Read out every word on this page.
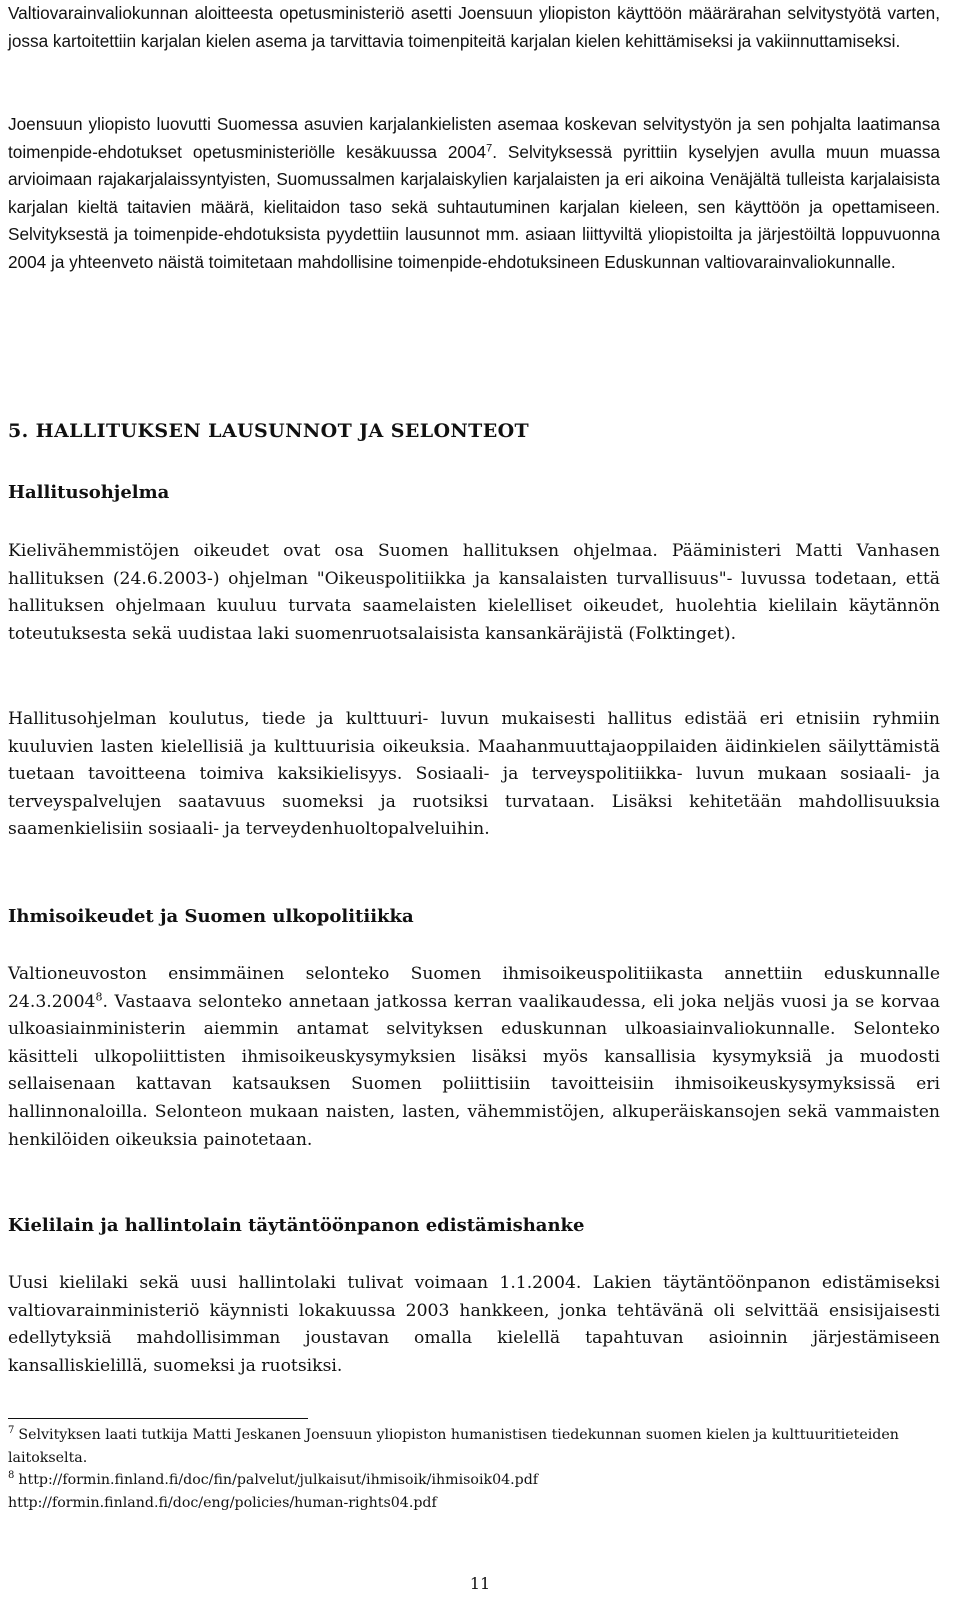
Valtiovarainvaliokunnan aloitteesta opetusministeriö asetti Joensuun yliopiston käyttöön määrärahan selvitystyötä varten, jossa kartoitettiin karjalan kielen asema ja tarvittavia toimenpiteitä karjalan kielen kehittämiseksi ja vakiinnuttamiseksi.

Joensuun yliopisto luovutti Suomessa asuvien karjalankielisten asemaa koskevan selvitystyön ja sen pohjalta laatimansa toimenpide-ehdotukset opetusministeriölle kesäkuussa 2004$^7$. Selvityksessä pyrittiin kyselyjen avulla muun muassa arvioimaan rajakarjalaissyntyisten, Suomussalmen karjalaiskylien karjalaisten ja eri aikoina Venäjältä tulleista karjalaisista karjalan kieltä taitavien määrä, kielitaidon taso sekä suhtautuminen karjalan kieleen, sen käyttöön ja opettamiseen. Selvityksestä ja toimenpide-ehdotuksista pyydettiin lausunnot mm. asiaan liittyviltä yliopistoilta ja järjestöiltä loppuvuonna 2004 ja yhteenveto näistä toimitetaan mahdollisine toimenpide-ehdotuksineen Eduskunnan valtiovarainvaliokunnalle.

5. HALLITUKSEN LAUSUNNOT JA SELONTEOT
Hallitusohjelma

Kielivähemmistöjen oikeudet ovat osa Suomen hallituksen ohjelmaa. Pääministeri Matti Vanhasen hallituksen (24.6.2003-) ohjelman "Oikeuspolitiikka ja kansalaisten turvallisuus"- luvussa todetaan, että hallituksen ohjelmaan kuuluu turvata saamelaisten kielelliset oikeudet, huolehtia kielilain käytännön toteutuksesta sekä uudistaa laki suomenruotsalaisista kansankäräjistä (Folktinget).

Hallitusohjelman koulutus, tiede ja kulttuuri- luvun mukaisesti hallitus edistää eri etnisiin ryhmiin kuuluvien lasten kielellisiä ja kulttuurisia oikeuksia. Maahanmuuttajaoppilaiden äidinkielen säilyttämistä tuetaan tavoitteena toimiva kaksikielisyys. Sosiaali- ja terveyspolitiikka- luvun mukaan sosiaali- ja terveyspalvelujen saatavuus suomeksi ja ruotsiksi turvataan. Lisäksi kehitetään mahdollisuuksia saamenkielisiin sosiaali- ja terveydenhuoltopalveluihin.

Ihmisoikeudet ja Suomen ulkopolitiikka

Valtioneuvoston ensimmäinen selonteko Suomen ihmisoikeuspolitiikasta annettiin eduskunnalle 24.3.2004$^8$. Vastaava selonteko annetaan jatkossa kerran vaalikaudessa, eli joka neljäs vuosi ja se korvaa ulkoasiainministerin aiemmin antamat selvityksen eduskunnan ulkoasiainvaliokunnalle. Selonteko käsitteli ulkopoliittisten ihmisoikeuskysymyksien lisäksi myös kansallisia kysymyksiä ja muodosti sellaisenaan kattavan katsauksen Suomen poliittisiin tavoitteisiin ihmisoikeuskysymyksissä eri hallinnonaloilla. Selonteon mukaan naisten, lasten, vähemmistöjen, alkuperäiskansojen sekä vammaisten henkilöiden oikeuksia painotetaan.

Kielilain ja hallintolain täytäntöönpanon edistämishanke

Uusi kielilaki sekä uusi hallintolaki tulivat voimaan 1.1.2004. Lakien täytäntöönpanon edistämiseksi valtiovarainministeriö käynnisti lokakuussa 2003 hankkeen, jonka tehtävänä oli selvittää ensisijaisesti edellytyksiä mahdollisimman joustavan omalla kielellä tapahtuvan asioinnin järjestämiseen kansalliskielillä, suomeksi ja ruotsiksi.

$^7$ Selvityksen laati tutkija Matti Jeskanen Joensuun yliopiston humanistisen tiedekunnan suomen kielen ja kulttuuritieteiden laitokselta.

$^8$ http://formin.finland.fi/doc/fin/palvelut/julkaisut/ihmisoik/ihmisoik04.pdf

http://formin.finland.fi/doc/eng/policies/human-rights04.pdf

11
